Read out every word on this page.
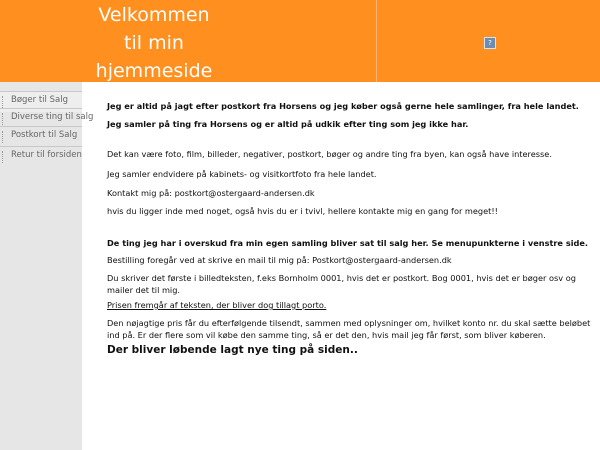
Velkommen
til min
hjemmeside
?
Bøger til Salg
Diverse ting til salg
Postkort til Salg
Retur til forsiden

Jeg er altid på jagt efter postkort fra Horsens og jeg køber også gerne hele samlinger, fra hele landet.

Jeg samler på ting fra Horsens og er altid på udkik efter ting som jeg ikke har.

Det kan være foto, film, billeder, negativer, postkort, bøger og andre ting fra byen, kan også have interesse.

Jeg samler endvidere på kabinets- og visitkortfoto fra hele landet.

Kontakt mig på: postkort@ostergaard-andersen.dk

hvis du ligger inde med noget, også hvis du er i tvivl, hellere kontakte mig en gang for meget!!

De ting jeg har i overskud fra min egen samling bliver sat til salg her. Se menupunkterne i venstre side.

Bestilling foregår ved at skrive en mail til mig på: Postkort@ostergaard-andersen.dk

Du skriver det første i billedteksten, f.eks Bornholm 0001, hvis det er postkort. Bog 0001, hvis det er bøger osv og mailer det til mig.

Prisen fremgår af teksten, der bliver dog tillagt porto.

Den nøjagtige pris får du efterfølgende tilsendt, sammen med oplysninger om, hvilket konto nr. du skal sætte beløbet ind på. Er der flere som vil købe den samme ting, så er det den, hvis mail jeg får først, som bliver køberen.

Der bliver løbende lagt nye ting på siden..
